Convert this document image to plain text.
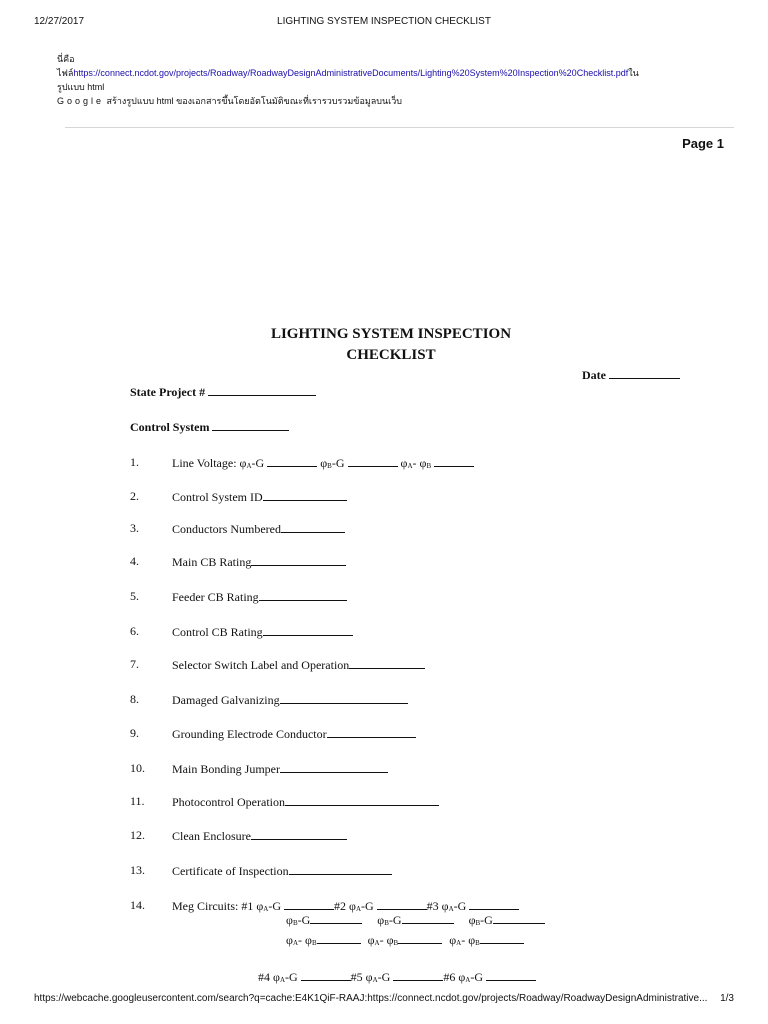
12/27/2017	LIGHTING SYSTEM INSPECTION CHECKLIST
นี่คือ
ไฟล์https://connect.ncdot.gov/projects/Roadway/RoadwayDesignAdministrativeDocuments/Lighting%20System%20Inspection%20Checklist.pdfใน
รูปแบบ html
Google สร้างรูปแบบ html ของเอกสารขึ้นโดยอัตโนมัติขณะที่เรารวบรวมข้อมูลบนเว็บ
Page 1
LIGHTING SYSTEM INSPECTION
CHECKLIST
Date
State Project #
Control System
1.	Line Voltage: $\varphi_A-G$	$\varphi_B-G$	$\varphi_A-$ $\varphi_B$
2.	Control System ID
3.	Conductors Numbered
4.	Main CB Rating
5.	Feeder CB Rating
6.	Control CB Rating
7.	Selector Switch Label and Operation
8.	Damaged Galvanizing
9.	Grounding Electrode Conductor
10. Main Bonding Jumper
11. Photocontrol Operation
12. Clean Enclosure
13. Certificate of Inspection
14. Meg Circuits: #1 $\varphi_A-G$	#2 $\varphi_A-G$	#3 $\varphi_A-G$
$\varphi_B-G$	$\varphi_B-G$	$\varphi_B-G$
$\varphi_A-$ $\varphi_B$	$\varphi_A-$ $\varphi_B$	$\varphi_A-$ $\varphi_B$
#4 $\varphi_A-G$	#5 $\varphi_A-G$	#6 $\varphi_A-G$
https://webcache.googleusercontent.com/search?q=cache:E4K1QiF-RAAJ:https://connect.ncdot.gov/projects/Roadway/RoadwayDesignAdministrative... 1/3
